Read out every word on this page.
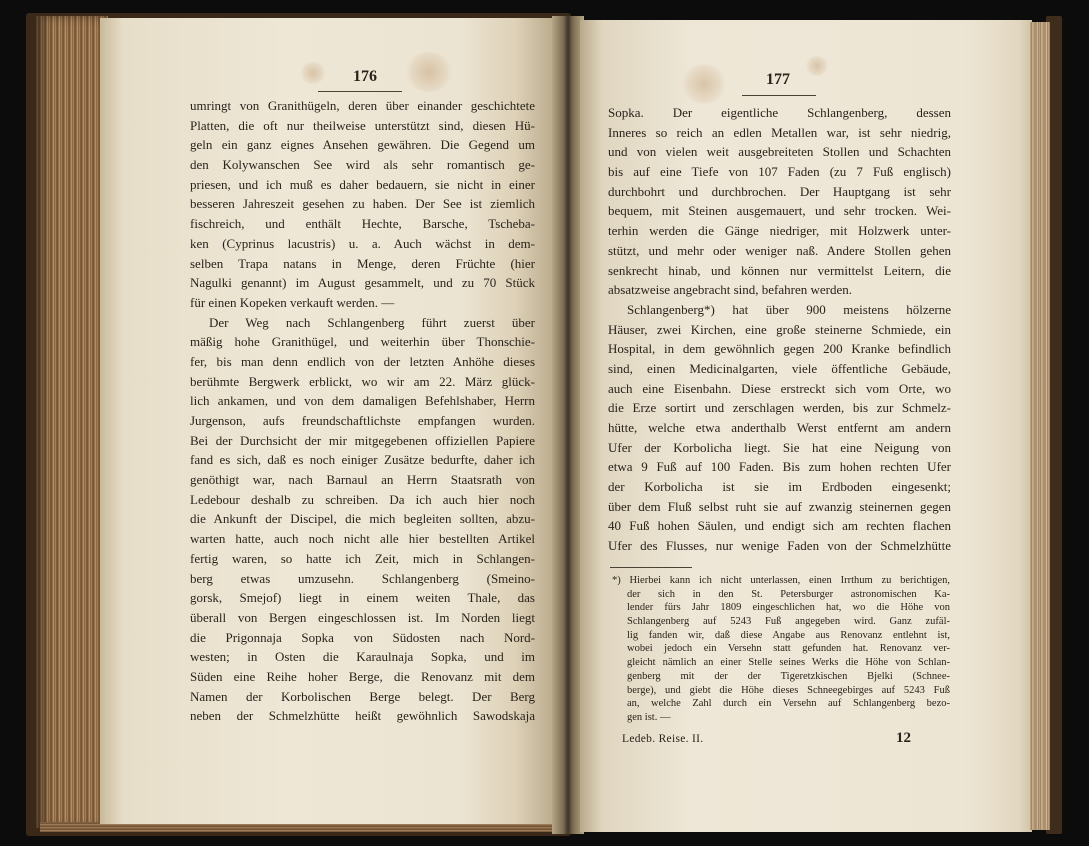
176
umringt von Granithügeln, deren über einander geschichtete
Platten, die oft nur theilweise unterstützt sind, diesen Hü-
geln ein ganz eignes Ansehen gewähren. Die Gegend um
den Kolywanschen See wird als sehr romantisch ge-
priesen, und ich muß es daher bedauern, sie nicht in einer
besseren Jahreszeit gesehen zu haben. Der See ist ziemlich
fischreich, und enthält Hechte, Barsche, Tscheba-
ken (Cyprinus lacustris) u. a. Auch wächst in dem-
selben Trapa natans in Menge, deren Früchte (hier
Nagulki genannt) im August gesammelt, und zu 70 Stück
für einen Kopeken verkauft werden. —
Der Weg nach Schlangenberg führt zuerst über
mäßig hohe Granithügel, und weiterhin über Thonschie-
fer, bis man denn endlich von der letzten Anhöhe dieses
berühmte Bergwerk erblickt, wo wir am 22. März glück-
lich ankamen, und von dem damaligen Befehlshaber, Herrn
Jurgenson, aufs freundschaftlichste empfangen wurden.
Bei der Durchsicht der mir mitgegebenen offiziellen Papiere
fand es sich, daß es noch einiger Zusätze bedurfte, daher ich
genöthigt war, nach Barnaul an Herrn Staatsrath von
Ledebour deshalb zu schreiben. Da ich auch hier noch
die Ankunft der Discipel, die mich begleiten sollten, abzu-
warten hatte, auch noch nicht alle hier bestellten Artikel
fertig waren, so hatte ich Zeit, mich in Schlangen-
berg etwas umzusehn. Schlangenberg (Smeino-
gorsk, Smejof) liegt in einem weiten Thale, das
überall von Bergen eingeschlossen ist. Im Norden liegt
die Prigonnaja Sopka von Südosten nach Nord-
westen; in Osten die Karaulnaja Sopka, und im
Süden eine Reihe hoher Berge, die Renovanz mit dem
Namen der Korbolischen Berge belegt. Der Berg
neben der Schmelzhütte heißt gewöhnlich Sawodskaja
177
Sopka. Der eigentliche Schlangenberg, dessen
Inneres so reich an edlen Metallen war, ist sehr niedrig,
und von vielen weit ausgebreiteten Stollen und Schachten
bis auf eine Tiefe von 107 Faden (zu 7 Fuß englisch)
durchbohrt und durchbrochen. Der Hauptgang ist sehr
bequem, mit Steinen ausgemauert, und sehr trocken. Wei-
terhin werden die Gänge niedriger, mit Holzwerk unter-
stützt, und mehr oder weniger naß. Andere Stollen gehen
senkrecht hinab, und können nur vermittelst Leitern, die
absatzweise angebracht sind, befahren werden.
Schlangenberg*) hat über 900 meistens hölzerne
Häuser, zwei Kirchen, eine große steinerne Schmiede, ein
Hospital, in dem gewöhnlich gegen 200 Kranke befindlich
sind, einen Medicinalgarten, viele öffentliche Gebäude,
auch eine Eisenbahn. Diese erstreckt sich vom Orte, wo
die Erze sortirt und zerschlagen werden, bis zur Schmelz-
hütte, welche etwa anderthalb Werst entfernt am andern
Ufer der Korbolicha liegt. Sie hat eine Neigung von
etwa 9 Fuß auf 100 Faden. Bis zum hohen rechten Ufer
der Korbolicha ist sie im Erdboden eingesenkt;
über dem Fluß selbst ruht sie auf zwanzig steinernen gegen
40 Fuß hohen Säulen, und endigt sich am rechten flachen
Ufer des Flusses, nur wenige Faden von der Schmelzhütte
*) Hierbei kann ich nicht unterlassen, einen Irrthum zu berichtigen,
der sich in den St. Petersburger astronomischen Ka-
lender fürs Jahr 1809 eingeschlichen hat, wo die Höhe von
Schlangenberg auf 5243 Fuß angegeben wird. Ganz zufäl-
lig fanden wir, daß diese Angabe aus Renovanz entlehnt ist,
wobei jedoch ein Versehn statt gefunden hat. Renovanz ver-
gleicht nämlich an einer Stelle seines Werks die Höhe von Schlan-
genberg mit der der Tigeretzkischen Bjelki (Schnee-
berge), und giebt die Höhe dieses Schneegebirges auf 5243 Fuß
an, welche Zahl durch ein Versehn auf Schlangenberg bezo-
gen ist. —
Ledeb. Reise. II.	12
